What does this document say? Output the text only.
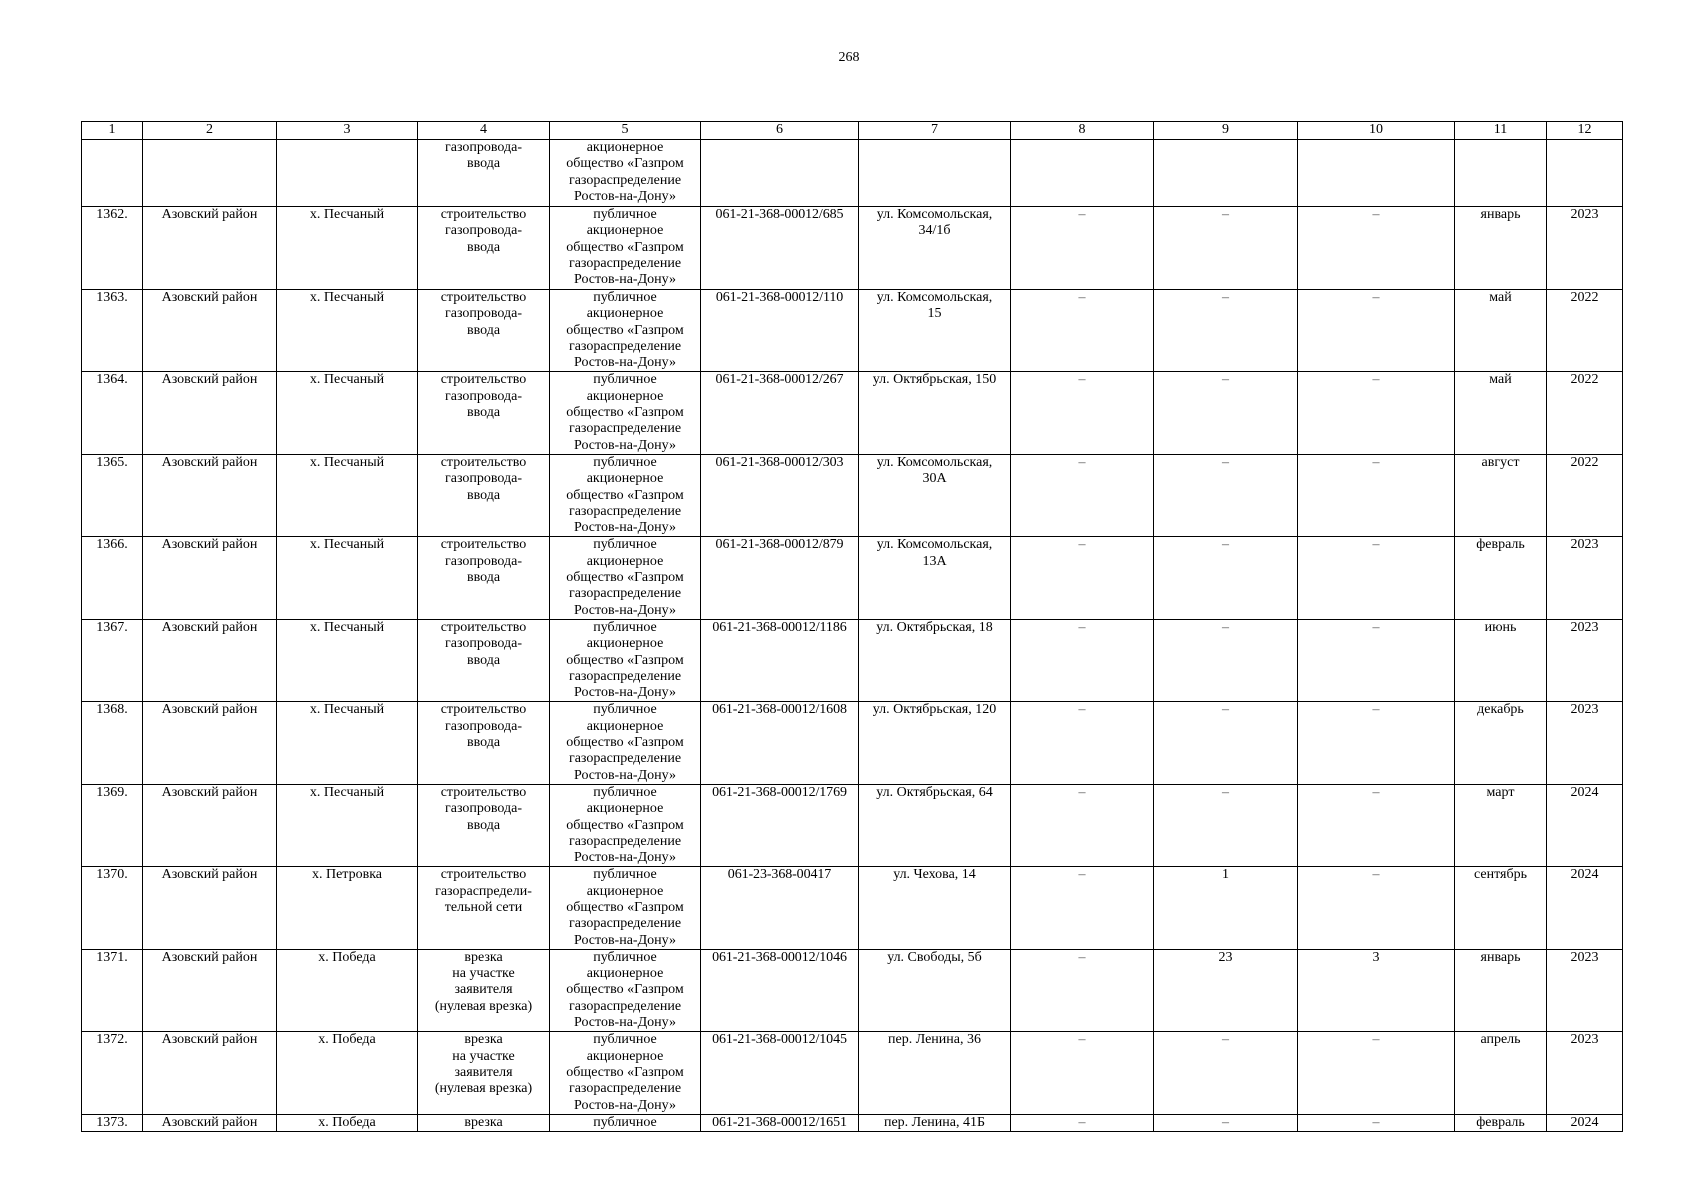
268
1	2	3	4	5	6	7	8	9	10	11	12
			газопровода-
ввода	акционерное
общество «Газпром
газораспределение
Ростов-на-Дону»							
1362.	Азовский район	х. Песчаный	строительство
газопровода-
ввода	публичное
акционерное
общество «Газпром
газораспределение
Ростов-на-Дону»	061-21-368-00012/685	ул. Комсомольская,
34/1б	–	–	–	январь	2023
1363.	Азовский район	х. Песчаный	строительство
газопровода-
ввода	публичное
акционерное
общество «Газпром
газораспределение
Ростов-на-Дону»	061-21-368-00012/110	ул. Комсомольская,
15	–	–	–	май	2022
1364.	Азовский район	х. Песчаный	строительство
газопровода-
ввода	публичное
акционерное
общество «Газпром
газораспределение
Ростов-на-Дону»	061-21-368-00012/267	ул. Октябрьская, 150	–	–	–	май	2022
1365.	Азовский район	х. Песчаный	строительство
газопровода-
ввода	публичное
акционерное
общество «Газпром
газораспределение
Ростов-на-Дону»	061-21-368-00012/303	ул. Комсомольская,
30А	–	–	–	август	2022
1366.	Азовский район	х. Песчаный	строительство
газопровода-
ввода	публичное
акционерное
общество «Газпром
газораспределение
Ростов-на-Дону»	061-21-368-00012/879	ул. Комсомольская,
13А	–	–	–	февраль	2023
1367.	Азовский район	х. Песчаный	строительство
газопровода-
ввода	публичное
акционерное
общество «Газпром
газораспределение
Ростов-на-Дону»	061-21-368-00012/1186	ул. Октябрьская, 18	–	–	–	июнь	2023
1368.	Азовский район	х. Песчаный	строительство
газопровода-
ввода	публичное
акционерное
общество «Газпром
газораспределение
Ростов-на-Дону»	061-21-368-00012/1608	ул. Октябрьская, 120	–	–	–	декабрь	2023
1369.	Азовский район	х. Песчаный	строительство
газопровода-
ввода	публичное
акционерное
общество «Газпром
газораспределение
Ростов-на-Дону»	061-21-368-00012/1769	ул. Октябрьская, 64	–	–	–	март	2024
1370.	Азовский район	х. Петровка	строительство
газораспредели-
тельной сети	публичное
акционерное
общество «Газпром
газораспределение
Ростов-на-Дону»	061-23-368-00417	ул. Чехова, 14	–	1	–	сентябрь	2024
1371.	Азовский район	х. Победа	врезка
на участке
заявителя
(нулевая врезка)	публичное
акционерное
общество «Газпром
газораспределение
Ростов-на-Дону»	061-21-368-00012/1046	ул. Свободы, 5б	–	23	3	январь	2023
1372.	Азовский район	х. Победа	врезка
на участке
заявителя
(нулевая врезка)	публичное
акционерное
общество «Газпром
газораспределение
Ростов-на-Дону»	061-21-368-00012/1045	пер. Ленина, 36	–	–	–	апрель	2023
1373.	Азовский район	х. Победа	врезка	публичное	061-21-368-00012/1651	пер. Ленина, 41Б	–	–	–	февраль	2024
